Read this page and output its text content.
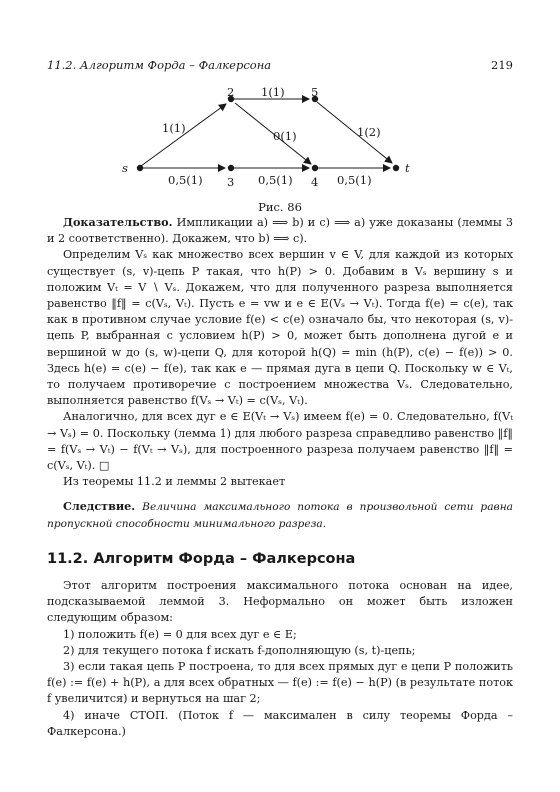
11.2. Алгоритм Форда – Фалкерсона	219
s
2
3	4
5
t
1(1)
0,5(1)
1(1)
0(1)
0,5(1)
1(2)
0,5(1)
Рис. 86

Доказательство. Импликации a) ⟹ b) и c) ⟹ a) уже доказаны (леммы 3 и 2 соответственно). Докажем, что b) ⟹ c).

Определим Vₛ как множество всех вершин v ∈ V, для каждой из которых существует (s, v)-цепь P такая, что h(P) > 0. Добавим в Vₛ вершину s и положим Vₜ = V ∖ Vₛ. Докажем, что для полученного разреза выполняется равенство ‖f‖ = c(Vₛ, Vₜ). Пусть e = vw и e ∈ E(Vₛ → Vₜ). Тогда f(e) = c(e), так как в противном случае условие f(e) < c(e) означало бы, что некоторая (s, v)-цепь P, выбранная с условием h(P) > 0, может быть дополнена дугой e и вершиной w до (s, w)-цепи Q, для которой h(Q) = min (h(P), c(e) − f(e)) > 0. Здесь h(e) = c(e) − f(e), так как e — прямая дуга в цепи Q. Поскольку w ∈ Vₜ, то получаем противоречие с построением множества Vₛ. Следовательно, выполняется равенство f(Vₛ → Vₜ) = c(Vₛ, Vₜ).

Аналогично, для всех дуг e ∈ E(Vₜ → Vₛ) имеем f(e) = 0. Следовательно, f(Vₜ → Vₛ) = 0. Поскольку (лемма 1) для любого разреза справедливо равенство ‖f‖ = f(Vₛ → Vₜ) − f(Vₜ → Vₛ), для построенного разреза получаем равенство ‖f‖ = c(Vₛ, Vₜ). □

Из теоремы 11.2 и леммы 2 вытекает

Следствие. Величина максимального потока в произвольной сети равна пропускной способности минимального разреза.

11.2. Алгоритм Форда – Фалкерсона

Этот алгоритм построения максимального потока основан на идее, подсказываемой леммой 3. Неформально он может быть изложен следующим образом:

1) положить f(e) = 0 для всех дуг e ∈ E;

2) для текущего потока f искать f-дополняющую (s, t)-цепь;

3) если такая цепь P построена, то для всех прямых дуг e цепи P положить f(e) := f(e) + h(P), а для всех обратных — f(e) := f(e) − h(P) (в результате поток f увеличится) и вернуться на шаг 2;

4) иначе СТОП. (Поток f — максимален в силу теоремы Форда – Фалкерсона.)
